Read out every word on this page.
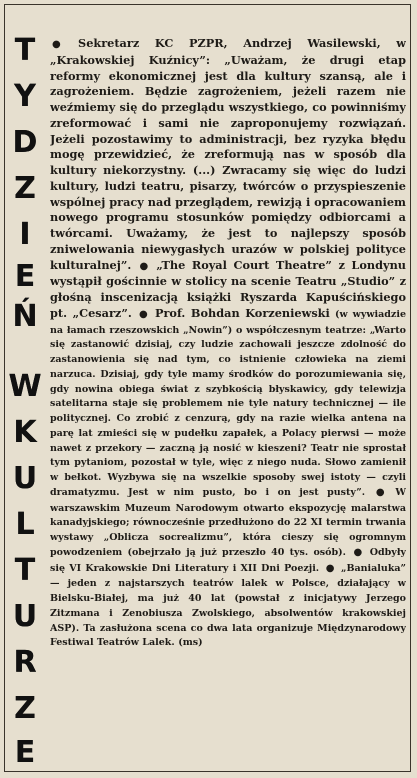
T
Y
D
Z
I
E
Ń
W
K
U
L
T
U
R
Z
E
● Sekretarz KC PZPR, Andrzej Wasilewski, w „Krakowskiej Kuźnicy”: „Uważam, że drugi etap reformy ekonomicznej jest dla kultury szansą, ale i zagrożeniem. Będzie zagrożeniem, jeżeli razem nie weźmiemy się do przeglądu wszystkiego, co powinniśmy zreformować i sami nie zaproponujemy rozwiązań. Jeżeli pozostawimy to administracji, bez ryzyka błędu mogę przewidzieć, że zreformują nas w sposób dla kultury niekorzystny. (...) Zwracamy się więc do ludzi kultury, ludzi teatru, pisarzy, twórców o przyspieszenie wspólnej pracy nad przeglądem, rewizją i opracowaniem nowego programu stosunków pomiędzy odbiorcami a twórcami. Uważamy, że jest to najlepszy sposób zniwelowania niewygasłych urazów w polskiej polityce kulturalnej”. ● „The Royal Court Theatre” z Londynu wystąpił gościnnie w stolicy na scenie Teatru „Studio” z głośną inscenizacją książki Ryszarda Kapuścińskiego pt. „Cesarz”. ● Prof. Bohdan Korzeniewski (w wywiadzie na łamach rzeszowskich „Nowin”) o współczesnym teatrze: „Warto się zastanowić dzisiaj, czy ludzie zachowali jeszcze zdolność do zastanowienia się nad tym, co istnienie człowieka na ziemi narzuca. Dzisiaj, gdy tyle mamy środków do porozumiewania się, gdy nowina obiega świat z szybkością błyskawicy, gdy telewizja satelitarna staje się problemem nie tyle natury technicznej — ile politycznej. Co zrobić z cenzurą, gdy na razie wielka antena na parę lat zmieści się w pudełku zapałek, a Polacy pierwsi — może nawet z przekory — zaczną ją nosić w kieszeni? Teatr nie sprostał tym pytaniom, pozostał w tyle, więc z niego nuda. Słowo zamienił w bełkot. Wyzbywa się na wszelkie sposoby swej istoty — czyli dramatyzmu. Jest w nim pusto, bo i on jest pusty”. ● W warszawskim Muzeum Narodowym otwarto ekspozycję malarstwa kanadyjskiego; równocześnie przedłużono do 22 XI termin trwania wystawy „Oblicza socrealizmu”, która cieszy się ogromnym powodzeniem (obejrzało ją już przeszło 40 tys. osób). ● Odbyły się VI Krakowskie Dni Literatury i XII Dni Poezji. ● „Banialuka” — jeden z najstarszych teatrów lalek w Polsce, działający w Bielsku-Białej, ma już 40 lat (powstał z inicjatywy Jerzego Zitzmana i Zenobiusza Zwolskiego, absolwentów krakowskiej ASP). Ta zasłużona scena co dwa lata organizuje Międzynarodowy Festiwal Teatrów Lalek. (ms)
